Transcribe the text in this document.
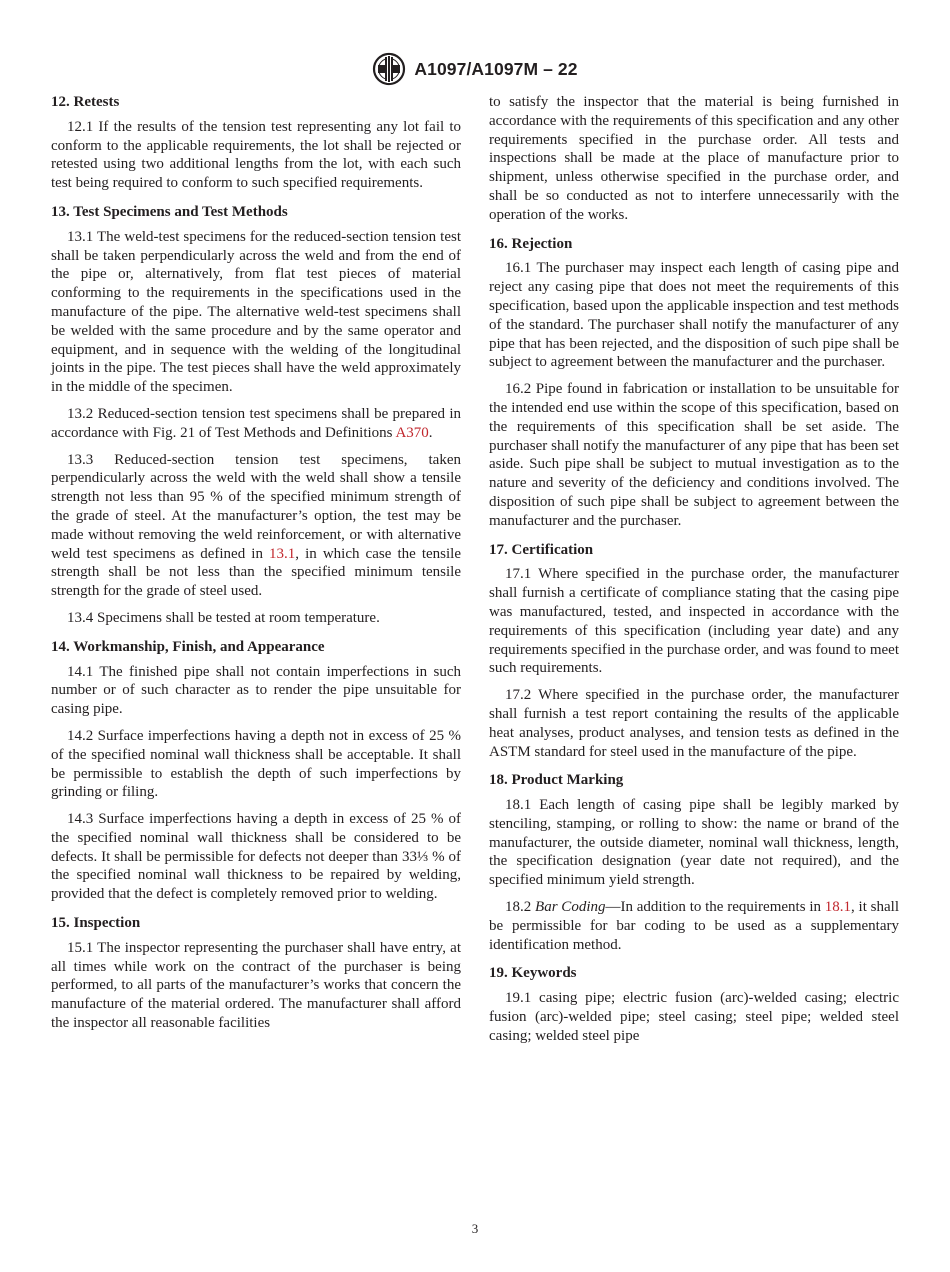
A1097/A1097M – 22
12. Retests

12.1 If the results of the tension test representing any lot fail to conform to the applicable requirements, the lot shall be rejected or retested using two additional lengths from the lot, with each such test being required to conform to such specified requirements.

13. Test Specimens and Test Methods

13.1 The weld-test specimens for the reduced-section tension test shall be taken perpendicularly across the weld and from the end of the pipe or, alternatively, from flat test pieces of material conforming to the requirements in the specifications used in the manufacture of the pipe. The alternative weld-test specimens shall be welded with the same procedure and by the same operator and equipment, and in sequence with the welding of the longitudinal joints in the pipe. The test pieces shall have the weld approximately in the middle of the specimen.

13.2 Reduced-section tension test specimens shall be prepared in accordance with Fig. 21 of Test Methods and Definitions A370.

13.3 Reduced-section tension test specimens, taken perpendicularly across the weld with the weld shall show a tensile strength not less than 95 % of the specified minimum strength of the grade of steel. At the manufacturer’s option, the test may be made without removing the weld reinforcement, or with alternative weld test specimens as defined in 13.1, in which case the tensile strength shall be not less than the specified minimum tensile strength for the grade of steel used.

13.4 Specimens shall be tested at room temperature.

14. Workmanship, Finish, and Appearance

14.1 The finished pipe shall not contain imperfections in such number or of such character as to render the pipe unsuitable for casing pipe.

14.2 Surface imperfections having a depth not in excess of 25 % of the specified nominal wall thickness shall be acceptable. It shall be permissible to establish the depth of such imperfections by grinding or filing.

14.3 Surface imperfections having a depth in excess of 25 % of the specified nominal wall thickness shall be considered to be defects. It shall be permissible for defects not deeper than 33⅓ % of the specified nominal wall thickness to be repaired by welding, provided that the defect is completely removed prior to welding.

15. Inspection

15.1 The inspector representing the purchaser shall have entry, at all times while work on the contract of the purchaser is being performed, to all parts of the manufacturer’s works that concern the manufacture of the material ordered. The manufacturer shall afford the inspector all reasonable facilities

to satisfy the inspector that the material is being furnished in accordance with the requirements of this specification and any other requirements specified in the purchase order. All tests and inspections shall be made at the place of manufacture prior to shipment, unless otherwise specified in the purchase order, and shall be so conducted as not to interfere unnecessarily with the operation of the works.

16. Rejection

16.1 The purchaser may inspect each length of casing pipe and reject any casing pipe that does not meet the requirements of this specification, based upon the applicable inspection and test methods of the standard. The purchaser shall notify the manufacturer of any pipe that has been rejected, and the disposition of such pipe shall be subject to agreement between the manufacturer and the purchaser.

16.2 Pipe found in fabrication or installation to be unsuitable for the intended end use within the scope of this specification, based on the requirements of this specification shall be set aside. The purchaser shall notify the manufacturer of any pipe that has been set aside. Such pipe shall be subject to mutual investigation as to the nature and severity of the deficiency and conditions involved. The disposition of such pipe shall be subject to agreement between the manufacturer and the purchaser.

17. Certification

17.1 Where specified in the purchase order, the manufacturer shall furnish a certificate of compliance stating that the casing pipe was manufactured, tested, and inspected in accordance with the requirements of this specification (including year date) and any requirements specified in the purchase order, and was found to meet such requirements.

17.2 Where specified in the purchase order, the manufacturer shall furnish a test report containing the results of the applicable heat analyses, product analyses, and tension tests as defined in the ASTM standard for steel used in the manufacture of the pipe.

18. Product Marking

18.1 Each length of casing pipe shall be legibly marked by stenciling, stamping, or rolling to show: the name or brand of the manufacturer, the outside diameter, nominal wall thickness, length, the specification designation (year date not required), and the specified minimum yield strength.

18.2 Bar Coding—In addition to the requirements in 18.1, it shall be permissible for bar coding to be used as a supplementary identification method.

19. Keywords

19.1 casing pipe; electric fusion (arc)-welded casing; electric fusion (arc)-welded pipe; steel casing; steel pipe; welded steel casing; welded steel pipe

3
